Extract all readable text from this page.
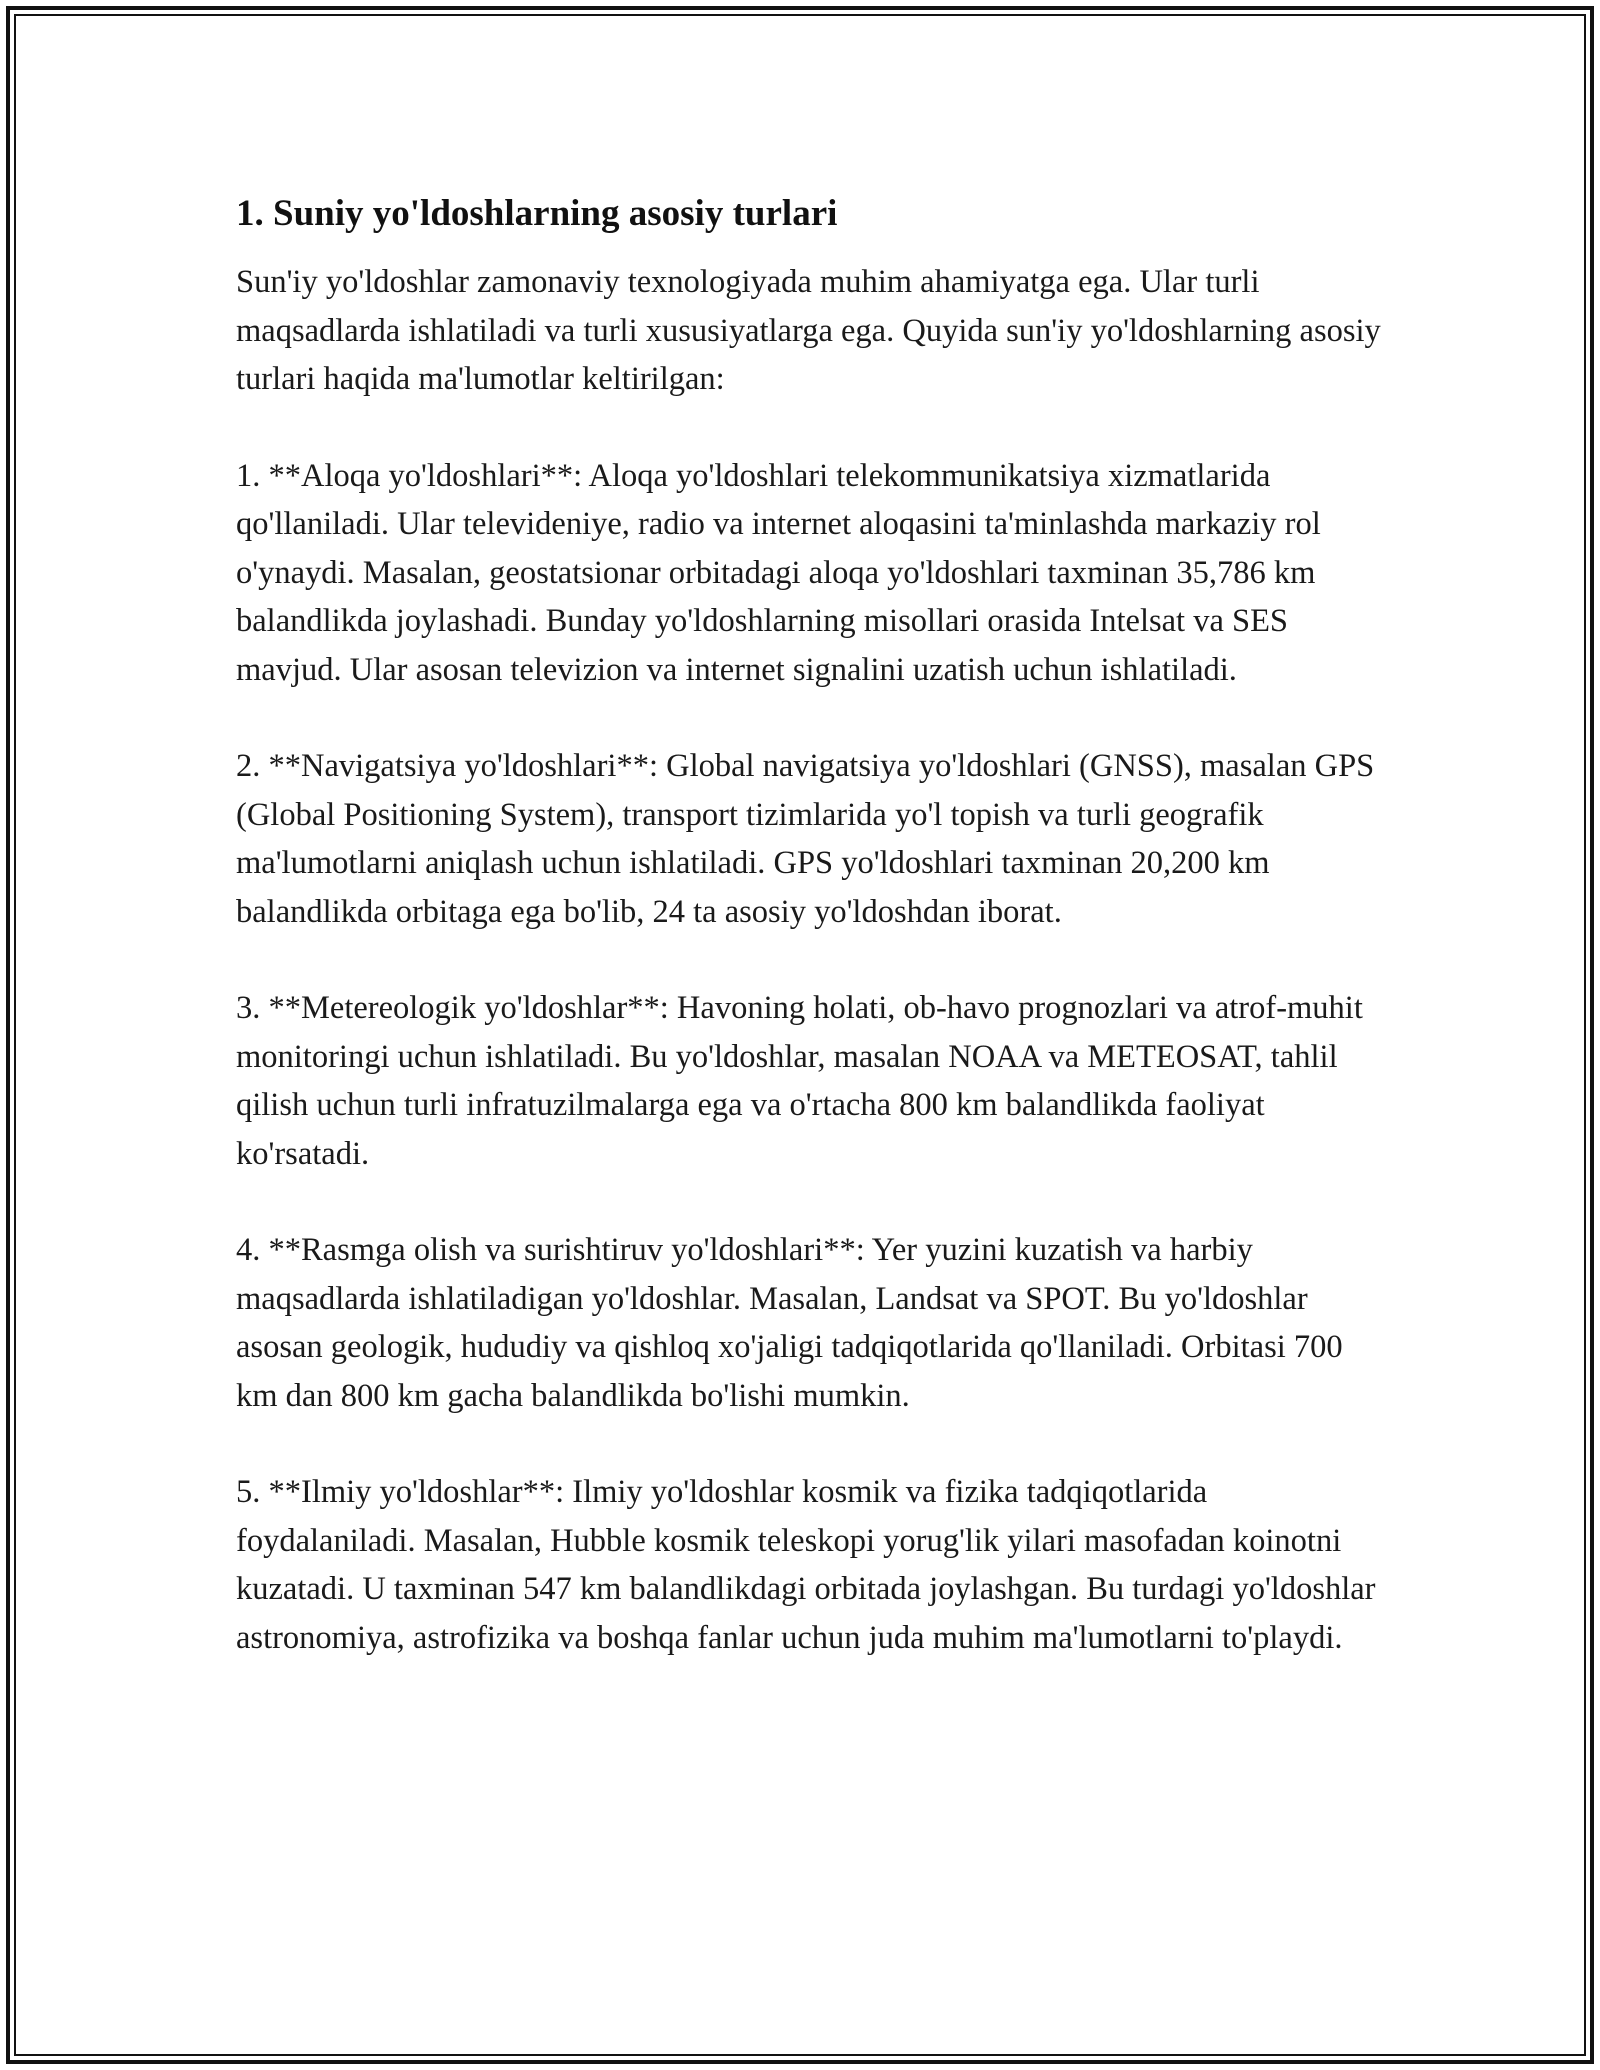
1. Suniy yo'ldoshlarning asosiy turlari

Sun'iy yo'ldoshlar zamonaviy texnologiyada muhim ahamiyatga ega. Ular turli maqsadlarda ishlatiladi va turli xususiyatlarga ega. Quyida sun'iy yo'ldoshlarning asosiy turlari haqida ma'lumotlar keltirilgan:

1. **Aloqa yo'ldoshlari**: Aloqa yo'ldoshlari telekommunikatsiya xizmatlarida qo'llaniladi. Ular televideniye, radio va internet aloqasini ta'minlashda markaziy rol o'ynaydi. Masalan, geostatsionar orbitadagi aloqa yo'ldoshlari taxminan 35,786 km balandlikda joylashadi. Bunday yo'ldoshlarning misollari orasida Intelsat va SES mavjud. Ular asosan televizion va internet signalini uzatish uchun ishlatiladi.

2. **Navigatsiya yo'ldoshlari**: Global navigatsiya yo'ldoshlari (GNSS), masalan GPS (Global Positioning System), transport tizimlarida yo'l topish va turli geografik ma'lumotlarni aniqlash uchun ishlatiladi. GPS yo'ldoshlari taxminan 20,200 km balandlikda orbitaga ega bo'lib, 24 ta asosiy yo'ldoshdan iborat.

3. **Metereologik yo'ldoshlar**: Havoning holati, ob-havo prognozlari va atrof-muhit monitoringi uchun ishlatiladi. Bu yo'ldoshlar, masalan NOAA va METEOSAT, tahlil qilish uchun turli infratuzilmalarga ega va o'rtacha 800 km balandlikda faoliyat ko'rsatadi.

4. **Rasmga olish va surishtiruv yo'ldoshlari**: Yer yuzini kuzatish va harbiy maqsadlarda ishlatiladigan yo'ldoshlar. Masalan, Landsat va SPOT. Bu yo'ldoshlar asosan geologik, hududiy va qishloq xo'jaligi tadqiqotlarida qo'llaniladi. Orbitasi 700 km dan 800 km gacha balandlikda bo'lishi mumkin.

5. **Ilmiy yo'ldoshlar**: Ilmiy yo'ldoshlar kosmik va fizika tadqiqotlarida foydalaniladi. Masalan, Hubble kosmik teleskopi yorug'lik yilari masofadan koinotni kuzatadi. U taxminan 547 km balandlikdagi orbitada joylashgan. Bu turdagi yo'ldoshlar astronomiya, astrofizika va boshqa fanlar uchun juda muhim ma'lumotlarni to'playdi.
